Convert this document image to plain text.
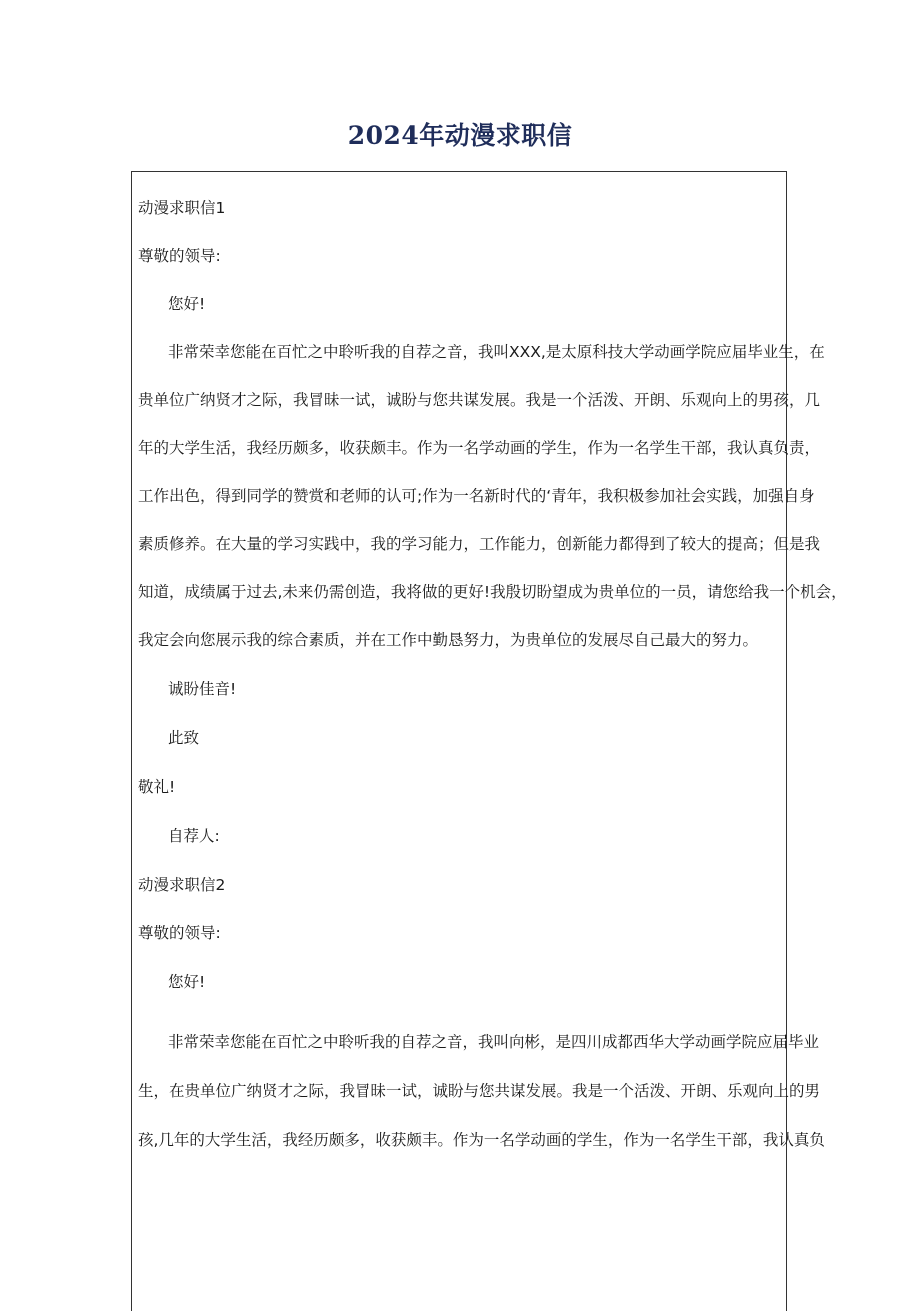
2024年动漫求职信
动漫求职信1
尊敬的领导:
您好!
非常荣幸您能在百忙之中聆听我的自荐之音，我叫XXX,是太原科技大学动画学院应届毕业生，在
贵单位广纳贤才之际，我冒昧一试，诚盼与您共谋发展。我是一个活泼、开朗、乐观向上的男孩，几
年的大学生活，我经历颇多，收获颇丰。作为一名学动画的学生，作为一名学生干部，我认真负责，
工作出色，得到同学的赞赏和老师的认可;作为一名新时代的‘青年，我积极参加社会实践，加强自身
素质修养。在大量的学习实践中，我的学习能力，工作能力，创新能力都得到了较大的提高；但是我
知道，成绩属于过去,未来仍需创造，我将做的更好!我殷切盼望成为贵单位的一员，请您给我一个机会，
我定会向您展示我的综合素质，并在工作中勤恳努力，为贵单位的发展尽自己最大的努力。
诚盼佳音!
此致
敬礼!
自荐人:
动漫求职信2
尊敬的领导:
您好!
非常荣幸您能在百忙之中聆听我的自荐之音，我叫向彬，是四川成都西华大学动画学院应届毕业
生，在贵单位广纳贤才之际，我冒昧一试，诚盼与您共谋发展。我是一个活泼、开朗、乐观向上的男
孩,几年的大学生活，我经历颇多，收获颇丰。作为一名学动画的学生，作为一名学生干部，我认真负
